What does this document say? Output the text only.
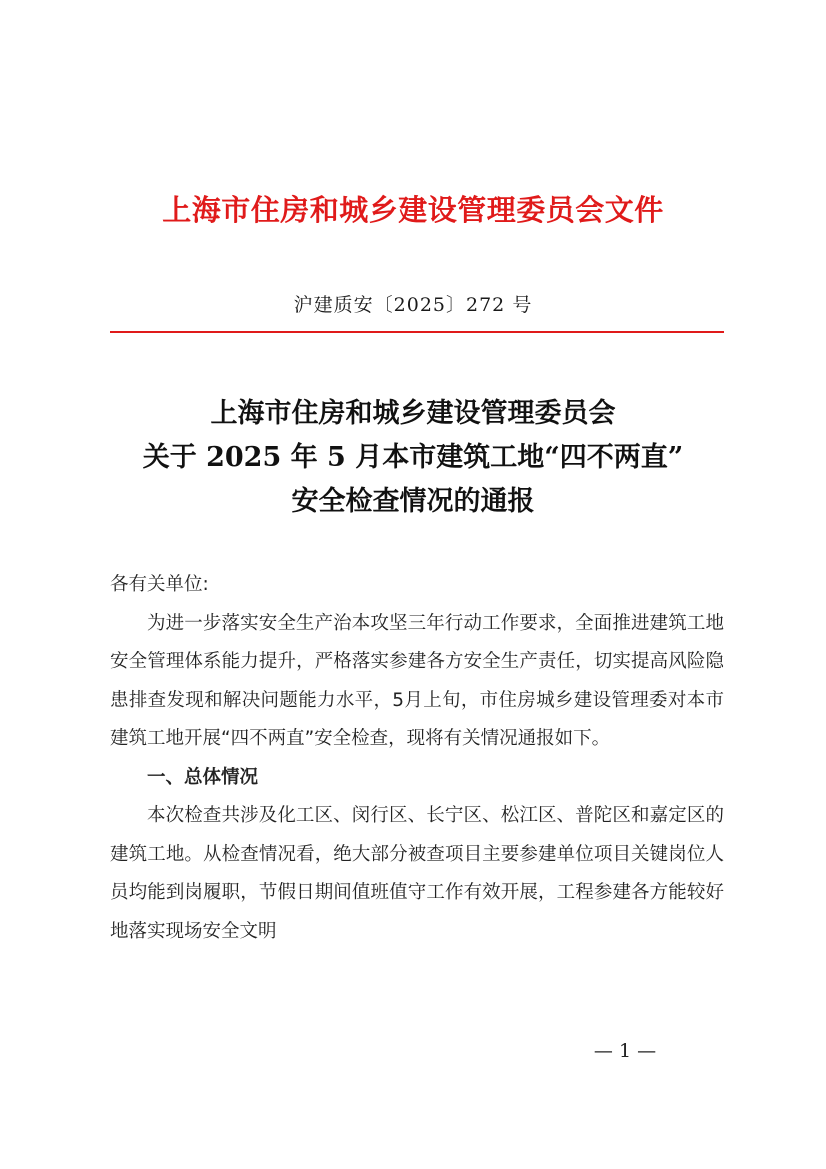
上海市住房和城乡建设管理委员会文件
沪建质安〔2025〕272 号
上海市住房和城乡建设管理委员会
关于 2025 年 5 月本市建筑工地“四不两直”
安全检查情况的通报

各有关单位:

为进一步落实安全生产治本攻坚三年行动工作要求，全面推进建筑工地安全管理体系能力提升，严格落实参建各方安全生产责任，切实提高风险隐患排查发现和解决问题能力水平，5月上旬，市住房城乡建设管理委对本市建筑工地开展“四不两直”安全检查，现将有关情况通报如下。

一、总体情况

本次检查共涉及化工区、闵行区、长宁区、松江区、普陀区和嘉定区的建筑工地。从检查情况看，绝大部分被查项目主要参建单位项目关键岗位人员均能到岗履职，节假日期间值班值守工作有效开展，工程参建各方能较好地落实现场安全文明

— 1 —
